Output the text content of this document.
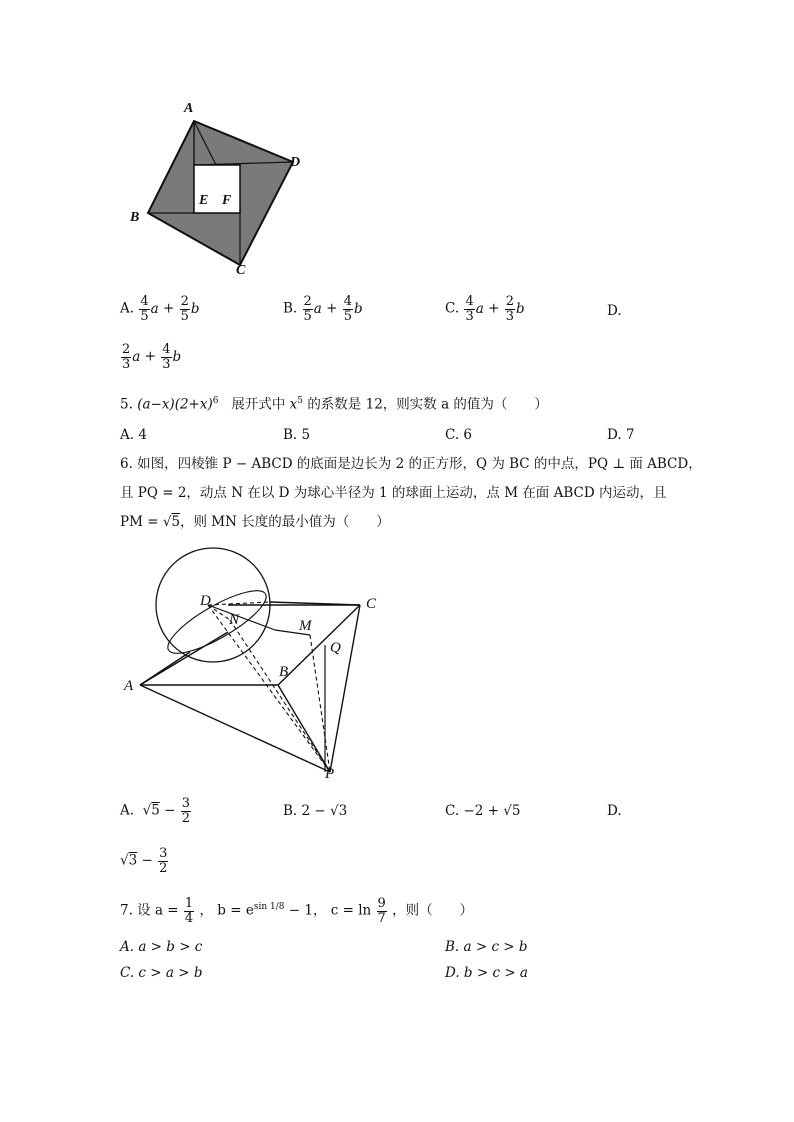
A
D
B
C
E F
A. $\frac{4}{5}$ $a + \frac{2}{5}$ b	B. $\frac{2}{5}$ $a + \frac{4}{5}$ b	C. $\frac{4}{3}$ $a + \frac{2}{3}$ b	D.
$\frac{2}{3}$ $a + \frac{4}{3}$ b
5. $(a-x)(2+x)^6$ 展开式中 $x^5$ 的系数是 12，则实数 a 的值为（　　）
A. 4	B. 5	C. 6	D. 7
6. 如图，四棱锥 P − ABCD 的底面是边长为 2 的正方形，Q 为 BC 的中点，PQ ⊥ 面 ABCD，
且 PQ = 2，动点 N 在以 D 为球心半径为 1 的球面上运动，点 M 在面 ABCD 内运动，且
PM = √5，则 MN 长度的最小值为（　　）
D
N	M
C
Q
B
A
P
A.  $√5 - \frac{3}{2}$	B. 2 − √3	C. −2 + √5	D.
$√3 - \frac{3}{2}$
7. 设 $a = \frac{1}{4}$ ， $b = e^{sin 1/8} - 1$， $c = \ln \frac{9}{7}$ ，则（　　）
A. a > b > c	B. a > c > b
C. c > a > b	D. b > c > a
